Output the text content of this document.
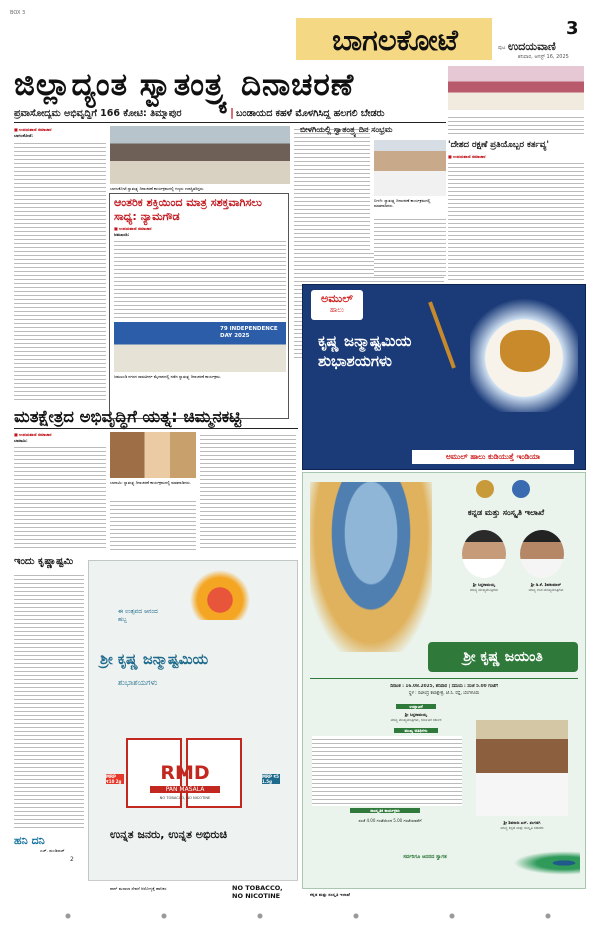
BOX 3
ಬಾಗಲಕೋಟೆ	3
ಪುಟ ಉದಯವಾಣಿ
ಶನಿವಾರ, ಆಗಸ್ಟ್ 16, 2025
ಜಿಲ್ಲಾದ್ಯಂತ ಸ್ವಾತಂತ್ರ್ಯ ದಿನಾಚರಣೆ
ಪ್ರವಾಸೋದ್ಯಮ ಅಭಿವೃದ್ಧಿಗೆ 166 ಕೋಟಿ: ತಿಮ್ಮಾಪುರ	| ಬಂಡಾಯದ ಕಹಳೆ ಮೊಳಗಿಸಿದ್ದ ಹಲಗಲಿ ಬೇಡರು
■ ಉದಯವಾಣಿ ಸಮಾಚಾರ
ಬಾಗಲಕೋಟೆ:
ಬಾಗಲಕೋಟೆ ಸ್ವಾತಂತ್ರ್ಯ ದಿನಾಚರಣೆ ಕಾರ್ಯಕ್ರಮದಲ್ಲಿ ಗಣ್ಯರು ಉಪಸ್ಥಿತರಿದ್ದರು.
ಆಂತರಿಕ ಶಕ್ತಿಯಿಂದ ಮಾತ್ರ ಸಶಕ್ತವಾಗಿಸಲು ಸಾಧ್ಯ: ನ್ಯಾಮಗೌಡ
■ ಉದಯವಾಣಿ ಸಮಾಚಾರ
ಜಮಖಂಡಿ:
79 INDEPENDENCE DAY 2025
ಜಮಖಂಡಿ ನಗರದ ರಾಮತೀರ್ಥ ಮೈದಾನದಲ್ಲಿ ನಡೆದ ಸ್ವಾತಂತ್ರ್ಯ ದಿನಾಚರಣೆ ಕಾರ್ಯಕ್ರಮ.
ಬೀಳಗಿ: ಸ್ವಾತಂತ್ರ್ಯ ದಿನಾಚರಣೆ ಕಾರ್ಯಕ್ರಮದಲ್ಲಿ ಮಾತನಾಡಿದರು.
ಬೀಳಗಿಯಲ್ಲಿ ಸ್ವಾತಂತ್ರ್ಯ ದಿನ ಸಂಭ್ರಮ
'ದೇಶದ ರಕ್ಷಣೆ ಪ್ರತಿಯೊಬ್ಬರ ಕರ್ತವ್ಯ'
■ ಉದಯವಾಣಿ ಸಮಾಚಾರ
ಅಮುಲ್
ಹಾಲು
ಕೃಷ್ಣ ಜನ್ಮಾಷ್ಟಮಿಯ
ಶುಭಾಶಯಗಳು
ಅಮುಲ್ ಹಾಲು ಕುಡಿಯುತ್ತೆ ಇಂಡಿಯಾ
ಮತಕ್ಷೇತ್ರದ ಅಭಿವೃದ್ಧಿಗೆ ಯತ್ನ: ಚಿಮ್ಮನಕಟ್ಟಿ
■ ಉದಯವಾಣಿ ಸಮಾಚಾರ
ಬಾದಾಮಿ:
ಬಾದಾಮಿ: ಸ್ವಾತಂತ್ರ್ಯ ದಿನಾಚರಣೆ ಕಾರ್ಯಕ್ರಮದಲ್ಲಿ ಮಾತನಾಡಿದರು.
ಇಂದು ಕೃಷ್ಣಾಷ್ಟಮಿ
ಹನಿ ದನಿ
ಎಚ್. ಡುಂಡಿರಾಜ್
2
ಈ ಉತ್ಸವದ ಆನಂದ ಹಬ್ಬ
ಶ್ರೀ ಕೃಷ್ಣ ಜನ್ಮಾಷ್ಟಮಿಯ
ಶುಭಾಶಯಗಳು
RMD
PAN MASALA
NO TOBACCO, NO NICOTINE
MRP ₹10 2g
MRP ₹5 1.5g
ಉನ್ನತ ಜನರು, ಉನ್ನತ ಅಭಿರುಚಿ
ಪಾನ್ ಮಸಾಲಾ ಸೇವನೆ ಆರೋಗ್ಯಕ್ಕೆ ಹಾನಿಕರ	NO TOBACCO, NO NICOTINE
ಕನ್ನಡ ಮತ್ತು ಸಂಸ್ಕೃತಿ ಇಲಾಖೆ
ಶ್ರೀ ಸಿದ್ದರಾಮಯ್ಯ
ಮಾನ್ಯ ಮುಖ್ಯಮಂತ್ರಿಗಳು
ಶ್ರೀ ಡಿ.ಕೆ. ಶಿವಕುಮಾರ್
ಮಾನ್ಯ ಉಪ ಮುಖ್ಯಮಂತ್ರಿಗಳು
ಶ್ರೀ ಕೃಷ್ಣ ಜಯಂತಿ
ದಿನಾಂಕ : 16.08.2025, ಶನಿವಾರ | ಸಮಯ : ಸಂಜೆ 5.00 ಗಂಟೆಗೆ
ಸ್ಥಳ : ರವೀಂದ್ರ ಕಲಾಕ್ಷೇತ್ರ, ಜೆ.ಸಿ. ರಸ್ತೆ, ಬೆಂಗಳೂರು
ಉದ್ಘಾಟನೆ
ಶ್ರೀ ಸಿದ್ದರಾಮಯ್ಯ
ಮಾನ್ಯ ಮುಖ್ಯಮಂತ್ರಿಗಳು, ಕರ್ನಾಟಕ ಸರ್ಕಾರ
ಮುಖ್ಯ ಅತಿಥಿಗಳು
ಸಾಂಸ್ಕೃತಿಕ ಕಾರ್ಯಕ್ರಮ
ಸಂಜೆ 4.00 ಗಂಟೆಯಿಂದ 5.00 ಗಂಟೆಯವರೆಗೆ	ಶ್ರೀ ಶಿವರಾಜ ಎಸ್. ತಂಗಡಗಿ
ಮಾನ್ಯ ಕನ್ನಡ ಮತ್ತು ಸಂಸ್ಕೃತಿ ಸಚಿವರು
ಸರ್ವರಿಗೂ ಆದರದ ಸ್ವಾಗತ
ಕನ್ನಡ ಮತ್ತು ಸಂಸ್ಕೃತಿ ಇಲಾಖೆ
